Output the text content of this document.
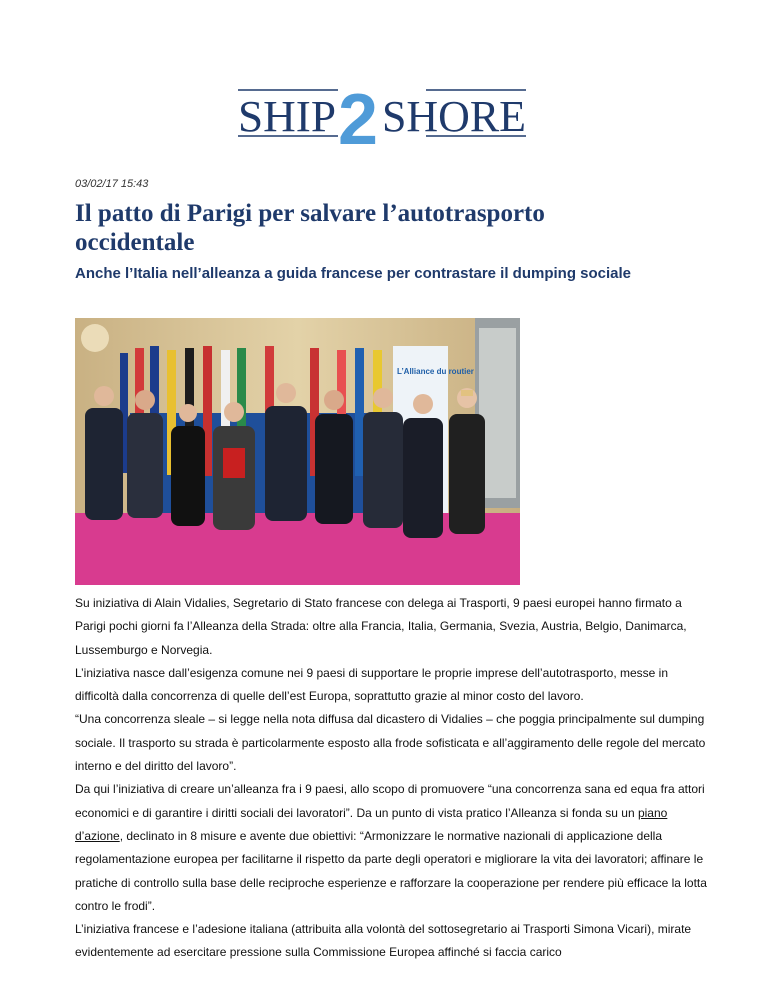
SHIP 2 SHORE
03/02/17 15:43
Il patto di Parigi per salvare l’autotrasporto occidentale
Anche l’Italia nell’alleanza a guida francese per contrastare il dumping sociale
L’Alliance du routier

Su iniziativa di Alain Vidalies, Segretario di Stato francese con delega ai Trasporti, 9 paesi europei hanno firmato a Parigi pochi giorni fa l’Alleanza della Strada: oltre alla Francia, Italia, Germania, Svezia, Austria, Belgio, Danimarca, Lussemburgo e Norvegia.

L’iniziativa nasce dall’esigenza comune nei 9 paesi di supportare le proprie imprese dell’autotrasporto, messe in difficoltà dalla concorrenza di quelle dell’est Europa, soprattutto grazie al minor costo del lavoro.

“Una concorrenza sleale – si legge nella nota diffusa dal dicastero di Vidalies – che poggia principalmente sul dumping sociale. Il trasporto su strada è particolarmente esposto alla frode sofisticata e all’aggiramento delle regole del mercato interno e del diritto del lavoro”.

Da qui l’iniziativa di creare un’alleanza fra i 9 paesi, allo scopo di promuovere “una concorrenza sana ed equa fra attori economici e di garantire i diritti sociali dei lavoratori”. Da un punto di vista pratico l’Alleanza si fonda su un piano d’azione, declinato in 8 misure e avente due obiettivi: “Armonizzare le normative nazionali di applicazione della regolamentazione europea per facilitarne il rispetto da parte degli operatori e migliorare la vita dei lavoratori; affinare le pratiche di controllo sulla base delle reciproche esperienze e rafforzare la cooperazione per rendere più efficace la lotta contro le frodi”.

L’iniziativa francese e l’adesione italiana (attribuita alla volontà del sottosegretario ai Trasporti Simona Vicari), mirate evidentemente ad esercitare pressione sulla Commissione Europea affinché si faccia carico
